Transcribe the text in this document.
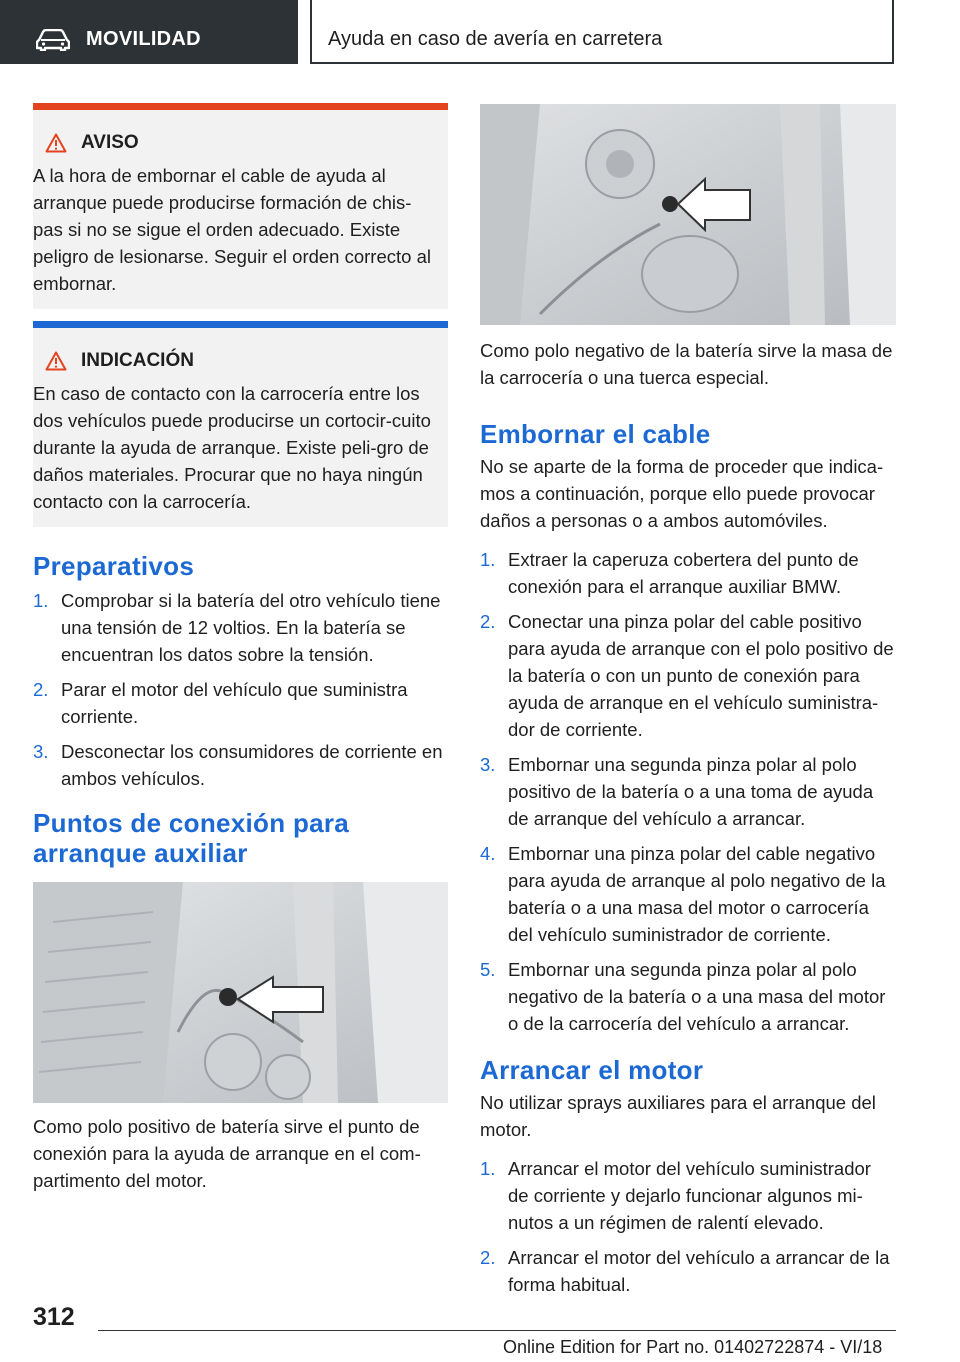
MOVILIDAD	Ayuda en caso de avería en carretera
AVISO
A la hora de embornar el cable de ayuda al arranque puede producirse formación de chis-pas si no se sigue el orden adecuado. Existe peligro de lesionarse. Seguir el orden correcto al embornar.
INDICACIÓN
En caso de contacto con la carrocería entre los dos vehículos puede producirse un cortocir-cuito durante la ayuda de arranque. Existe peli-gro de daños materiales. Procurar que no haya ningún contacto con la carrocería.
Preparativos
1. Comprobar si la batería del otro vehículo tiene una tensión de 12 voltios. En la batería se encuentran los datos sobre la tensión.
2. Parar el motor del vehículo que suministra corriente.
3. Desconectar los consumidores de corriente en ambos vehículos.
Puntos de conexión para
arranque auxiliar
Como polo positivo de batería sirve el punto de conexión para la ayuda de arranque en el com-partimento del motor.
Como polo negativo de la batería sirve la masa de la carrocería o una tuerca especial.
Embornar el cable
No se aparte de la forma de proceder que indica-mos a continuación, porque ello puede provocar daños a personas o a ambos automóviles.
1. Extraer la caperuza cobertera del punto de conexión para el arranque auxiliar BMW.
2. Conectar una pinza polar del cable positivo para ayuda de arranque con el polo positivo de la batería o con un punto de conexión para ayuda de arranque en el vehículo suministra-dor de corriente.
3. Embornar una segunda pinza polar al polo positivo de la batería o a una toma de ayuda de arranque del vehículo a arrancar.
4. Embornar una pinza polar del cable negativo para ayuda de arranque al polo negativo de la batería o a una masa del motor o carrocería del vehículo suministrador de corriente.
5. Embornar una segunda pinza polar al polo negativo de la batería o a una masa del motor o de la carrocería del vehículo a arrancar.
Arrancar el motor
No utilizar sprays auxiliares para el arranque del motor.
1. Arrancar el motor del vehículo suministrador de corriente y dejarlo funcionar algunos mi-nutos a un régimen de ralentí elevado.
2. Arrancar el motor del vehículo a arrancar de la forma habitual.
312
Online Edition for Part no. 01402722874 - VI/18
